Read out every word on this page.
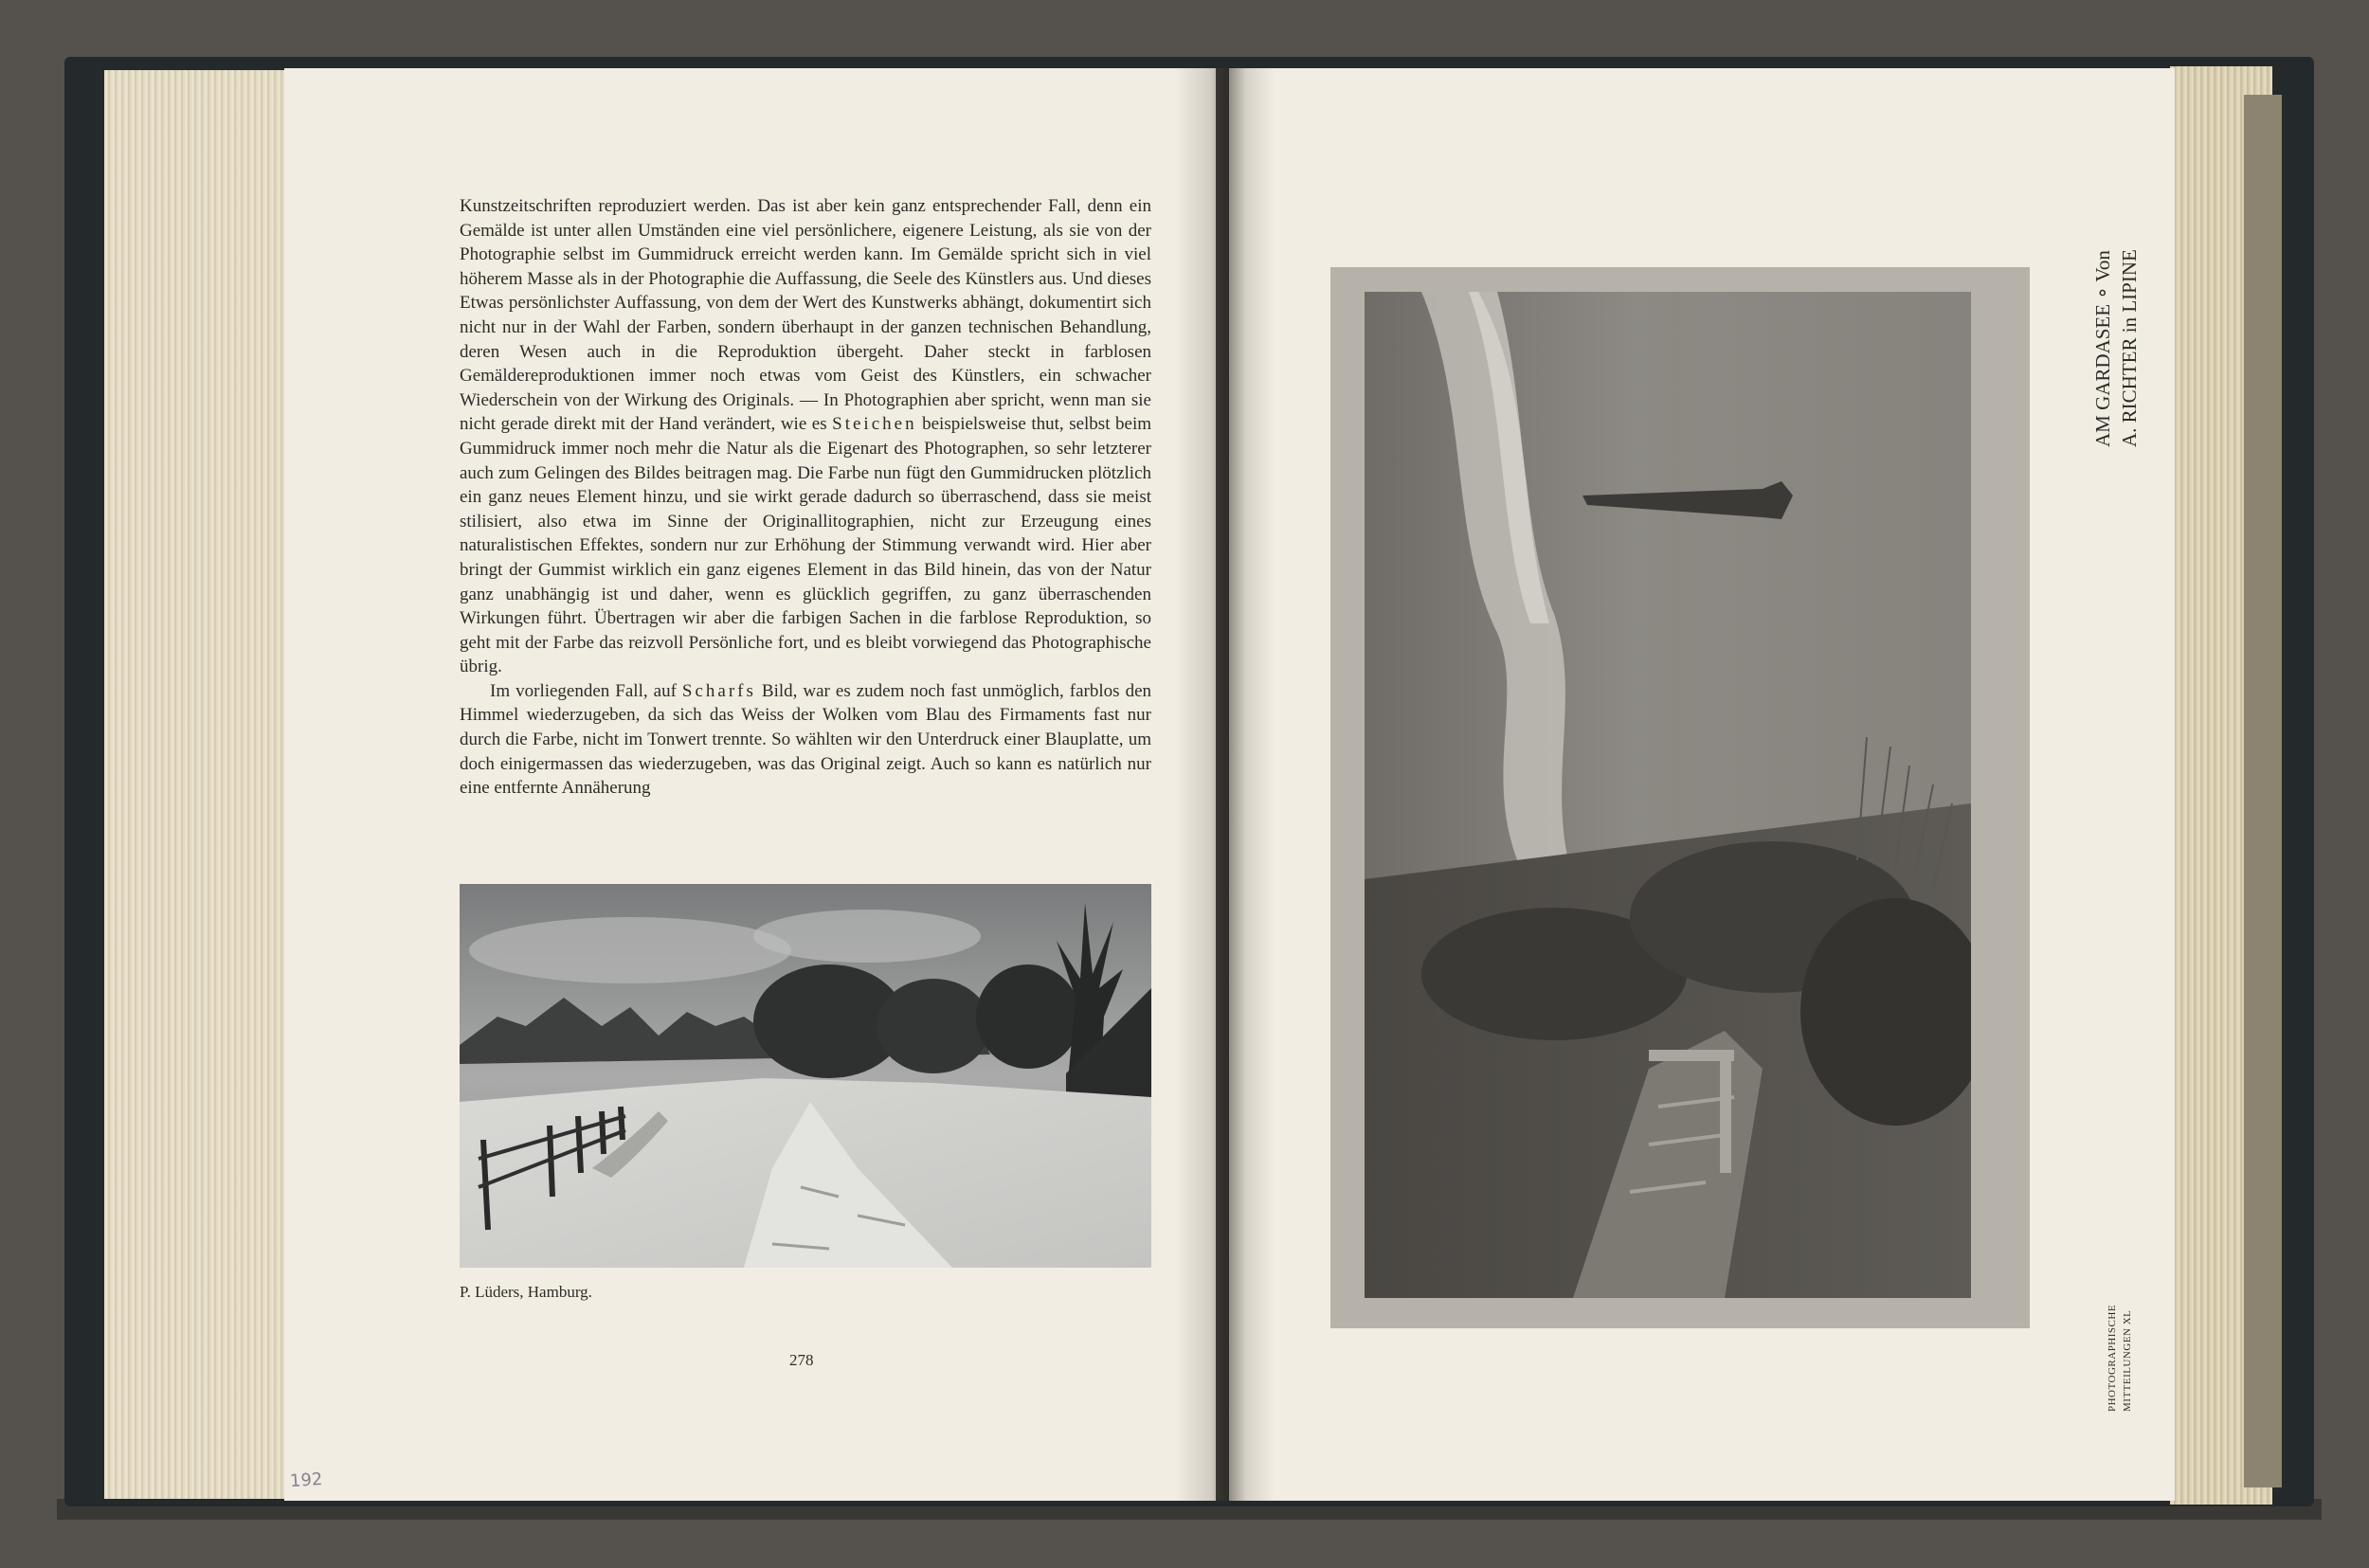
Kunstzeitschriften reproduziert werden. Das ist aber kein ganz entsprechender Fall, denn ein Gemälde ist unter allen Umständen eine viel persönlichere, eigenere Leistung, als sie von der Photographie selbst im Gummidruck erreicht werden kann. Im Gemälde spricht sich in viel höherem Masse als in der Photographie die Auffassung, die Seele des Künstlers aus. Und dieses Etwas persönlichster Auffassung, von dem der Wert des Kunstwerks abhängt, dokumentirt sich nicht nur in der Wahl der Farben, sondern überhaupt in der ganzen technischen Behandlung, deren Wesen auch in die Reproduktion übergeht. Daher steckt in farblosen Gemäldereproduktionen immer noch etwas vom Geist des Künstlers, ein schwacher Wiederschein von der Wirkung des Originals. — In Photographien aber spricht, wenn man sie nicht gerade direkt mit der Hand verändert, wie es Steichen beispielsweise thut, selbst beim Gummidruck immer noch mehr die Natur als die Eigenart des Photographen, so sehr letzterer auch zum Gelingen des Bildes beitragen mag. Die Farbe nun fügt den Gummidrucken plötzlich ein ganz neues Element hinzu, und sie wirkt gerade dadurch so überraschend, dass sie meist stilisiert, also etwa im Sinne der Originallitographien, nicht zur Erzeugung eines naturalistischen Effektes, sondern nur zur Erhöhung der Stimmung verwandt wird. Hier aber bringt der Gummist wirklich ein ganz eigenes Element in das Bild hinein, das von der Natur ganz unabhängig ist und daher, wenn es glücklich gegriffen, zu ganz überraschenden Wirkungen führt. Übertragen wir aber die farbigen Sachen in die farblose Reproduktion, so geht mit der Farbe das reizvoll Persönliche fort, und es bleibt vorwiegend das Photographische übrig.

Im vorliegenden Fall, auf Scharfs Bild, war es zudem noch fast unmöglich, farblos den Himmel wiederzugeben, da sich das Weiss der Wolken vom Blau des Firmaments fast nur durch die Farbe, nicht im Tonwert trennte. So wählten wir den Unterdruck einer Blauplatte, um doch einigermassen das wiederzugeben, was das Original zeigt. Auch so kann es natürlich nur eine entfernte Annäherung

P. Lüders, Hamburg.
278
192
AM GARDASEE ∘ Von A. RICHTER in LIPINE
PHOTOGRAPHISCHE MITTEILUNGEN XL
